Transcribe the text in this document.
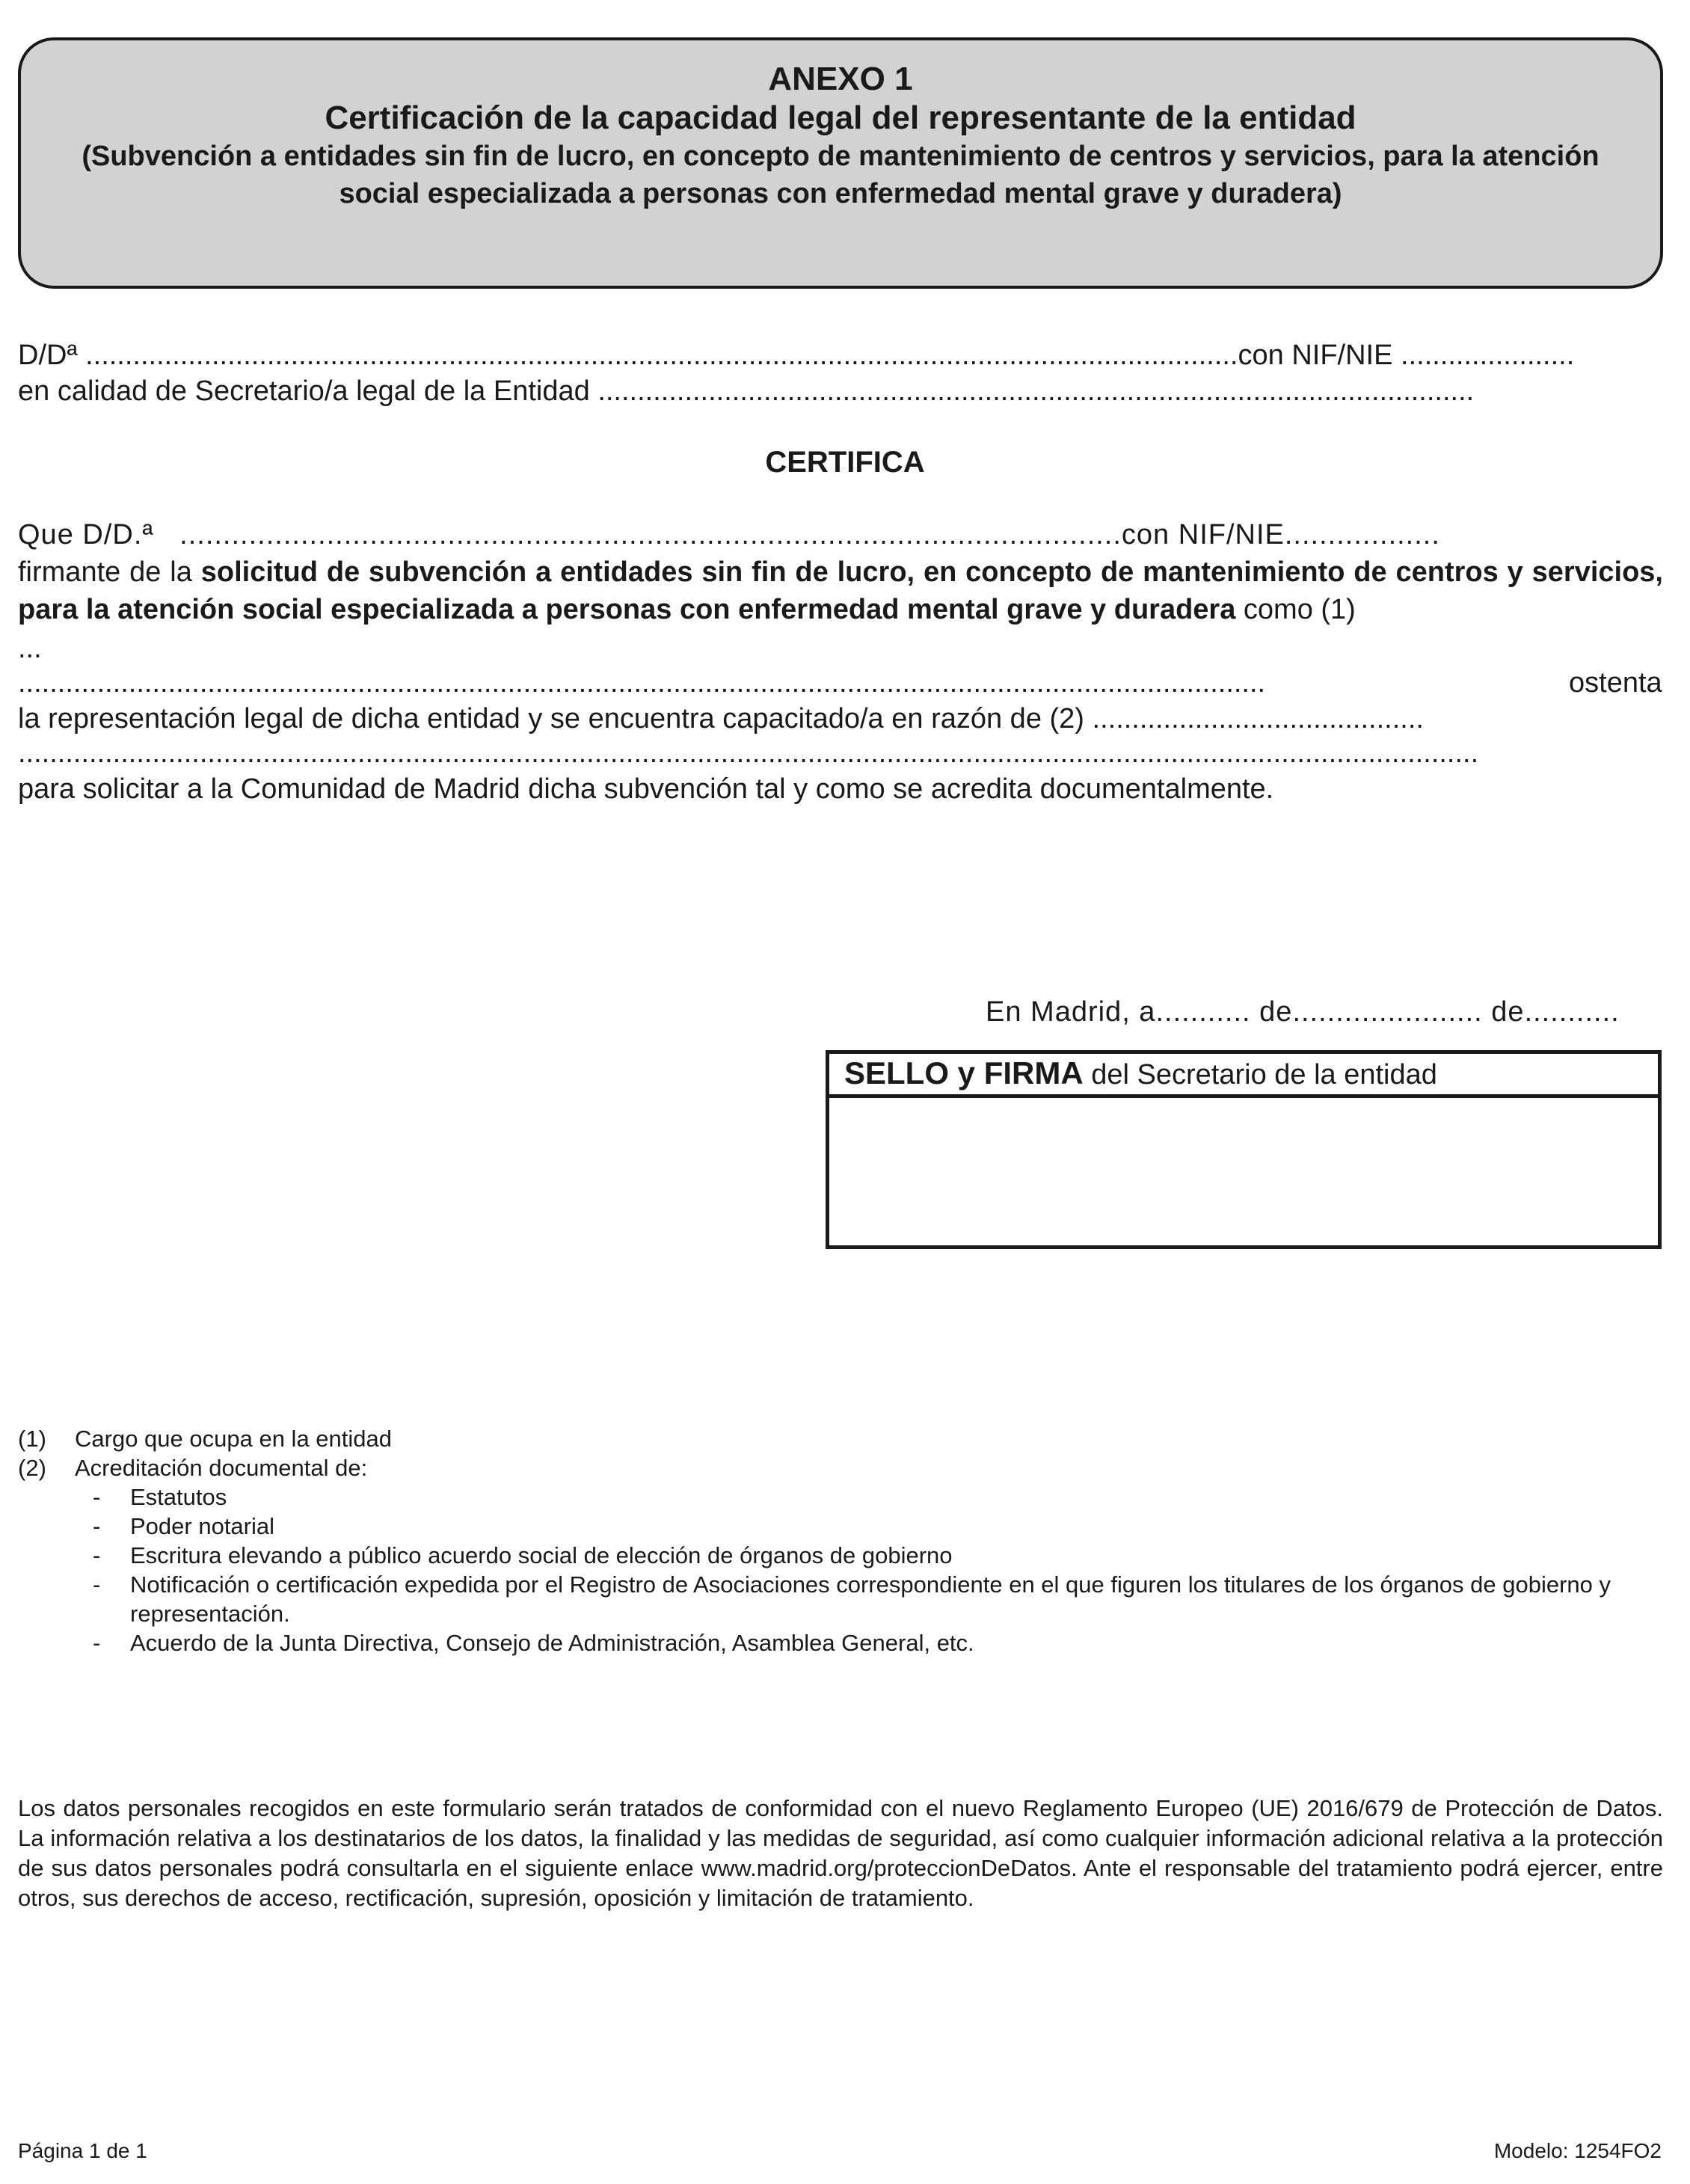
ANEXO 1
Certificación de la capacidad legal del representante de la entidad
(Subvención a entidades sin fin de lucro, en concepto de mantenimiento de centros y servicios, para la atención social especializada a personas con enfermedad mental grave y duradera)
D/Dª ..................................................................................................................................................con NIF/NIE ......................
en calidad de Secretario/a legal de la Entidad ...............................................................................................................
CERTIFICA
Que D/D.ª .............................................................................................................con NIF/NIE..................
firmante de la solicitud de subvención a entidades sin fin de lucro, en concepto de mantenimiento de centros y servicios, para la atención social especializada a personas con enfermedad mental grave y duradera como (1)
...
..............................................................................................................................................................	ostenta
la representación legal de dicha entidad y se encuentra capacitado/a en razón de (2) ..........................................
.........................................................................................................................................................................................
para solicitar a la Comunidad de Madrid dicha subvención tal y como se acredita documentalmente.
En Madrid, a........... de...................... de...........
SELLO y FIRMA del Secretario de la entidad
(1) Cargo que ocupa en la entidad
(2) Acreditación documental de:
- Estatutos
- Poder notarial
- Escritura elevando a público acuerdo social de elección de órganos de gobierno
- Notificación o certificación expedida por el Registro de Asociaciones correspondiente en el que figuren los titulares de los órganos de gobierno y representación.
- Acuerdo de la Junta Directiva, Consejo de Administración, Asamblea General, etc.
Los datos personales recogidos en este formulario serán tratados de conformidad con el nuevo Reglamento Europeo (UE) 2016/679 de Protección de Datos. La información relativa a los destinatarios de los datos, la finalidad y las medidas de seguridad, así como cualquier información adicional relativa a la protección de sus datos personales podrá consultarla en el siguiente enlace www.madrid.org/proteccionDeDatos. Ante el responsable del tratamiento podrá ejercer, entre otros, sus derechos de acceso, rectificación, supresión, oposición y limitación de tratamiento.
Página 1 de 1	Modelo: 1254FO2
